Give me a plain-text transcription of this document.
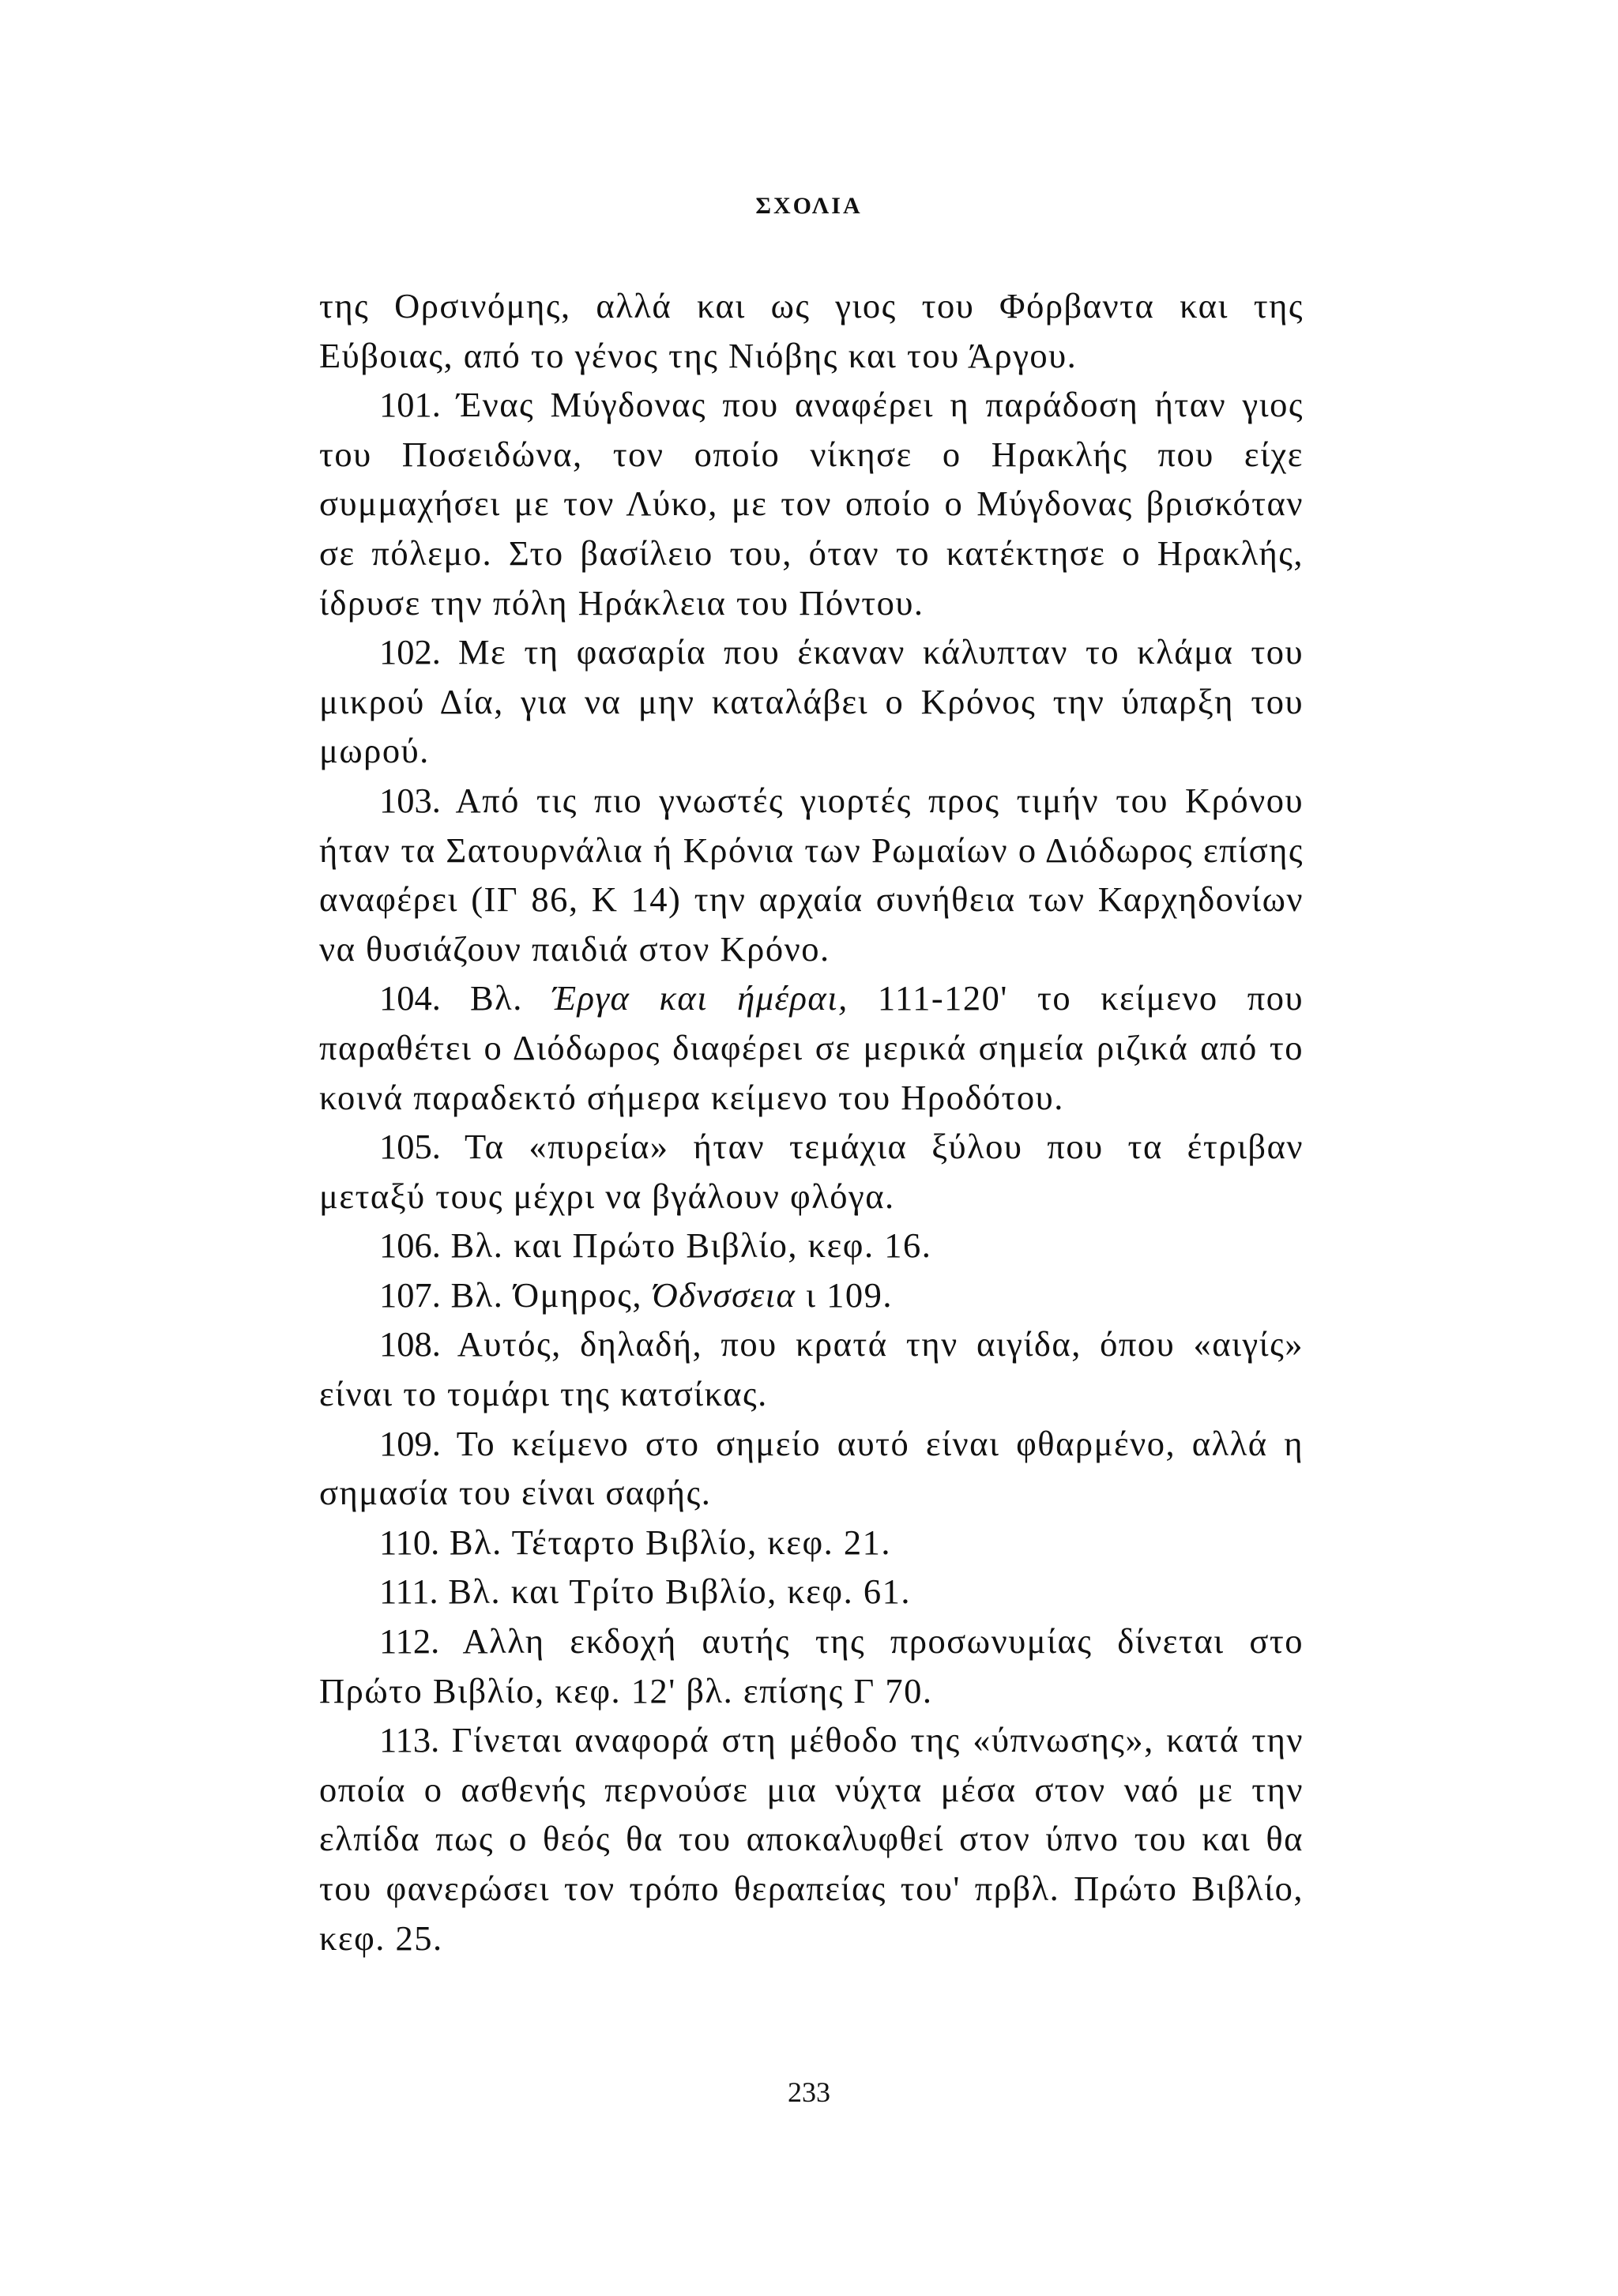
ΣΧΟΛΙΑ

της Ορσινόμης, αλλά και ως γιος του Φόρβαντα και της Εύβοιας, από το γένος της Νιόβης και του Άργου.

101. Ένας Μύγδονας που αναφέρει η παράδοση ήταν γιος του Ποσειδώνα, τον οποίο νίκησε ο Ηρακλής που είχε συμμαχήσει με τον Λύκο, με τον οποίο ο Μύγδονας βρισκόταν σε πόλεμο. Στο βασίλειο του, όταν το κατέκτησε ο Ηρακλής, ίδρυσε την πόλη Ηράκλεια του Πόντου.

102. Με τη φασαρία που έκαναν κάλυπταν το κλάμα του μικρού Δία, για να μην καταλάβει ο Κρόνος την ύπαρξη του μωρού.

103. Από τις πιο γνωστές γιορτές προς τιμήν του Κρόνου ήταν τα Σατουρνάλια ή Κρόνια των Ρωμαίων ο Διόδωρος επίσης αναφέρει (ΙΓ 86, Κ 14) την αρχαία συνήθεια των Καρχηδονίων να θυσιάζουν παιδιά στον Κρόνο.

104. Βλ. Έργα και ήμέραι, 111-120' το κείμενο που παραθέτει ο Διόδωρος διαφέρει σε μερικά σημεία ριζικά από το κοινά παραδεκτό σήμερα κείμενο του Ηροδότου.

105. Τα «πυρεία» ήταν τεμάχια ξύλου που τα έτριβαν μεταξύ τους μέχρι να βγάλουν φλόγα.

106. Βλ. και Πρώτο Βιβλίο, κεφ. 16.

107. Βλ. Όμηρος, Όδνσσεια ι 109.

108. Αυτός, δηλαδή, που κρατά την αιγίδα, όπου «αιγίς» είναι το τομάρι της κατσίκας.

109. Το κείμενο στο σημείο αυτό είναι φθαρμένο, αλλά η σημασία του είναι σαφής.

110. Βλ. Τέταρτο Βιβλίο, κεφ. 21.

111. Βλ. και Τρίτο Βιβλίο, κεφ. 61.

112. Αλλη εκδοχή αυτής της προσωνυμίας δίνεται στο Πρώτο Βιβλίο, κεφ. 12' βλ. επίσης Γ 70.

113. Γίνεται αναφορά στη μέθοδο της «ύπνωσης», κατά την οποία ο ασθενής περνούσε μια νύχτα μέσα στον ναό με την ελπίδα πως ο θεός θα του αποκαλυφθεί στον ύπνο του και θα του φανερώσει τον τρόπο θεραπείας του' πρβλ. Πρώτο Βιβλίο, κεφ. 25.

233
